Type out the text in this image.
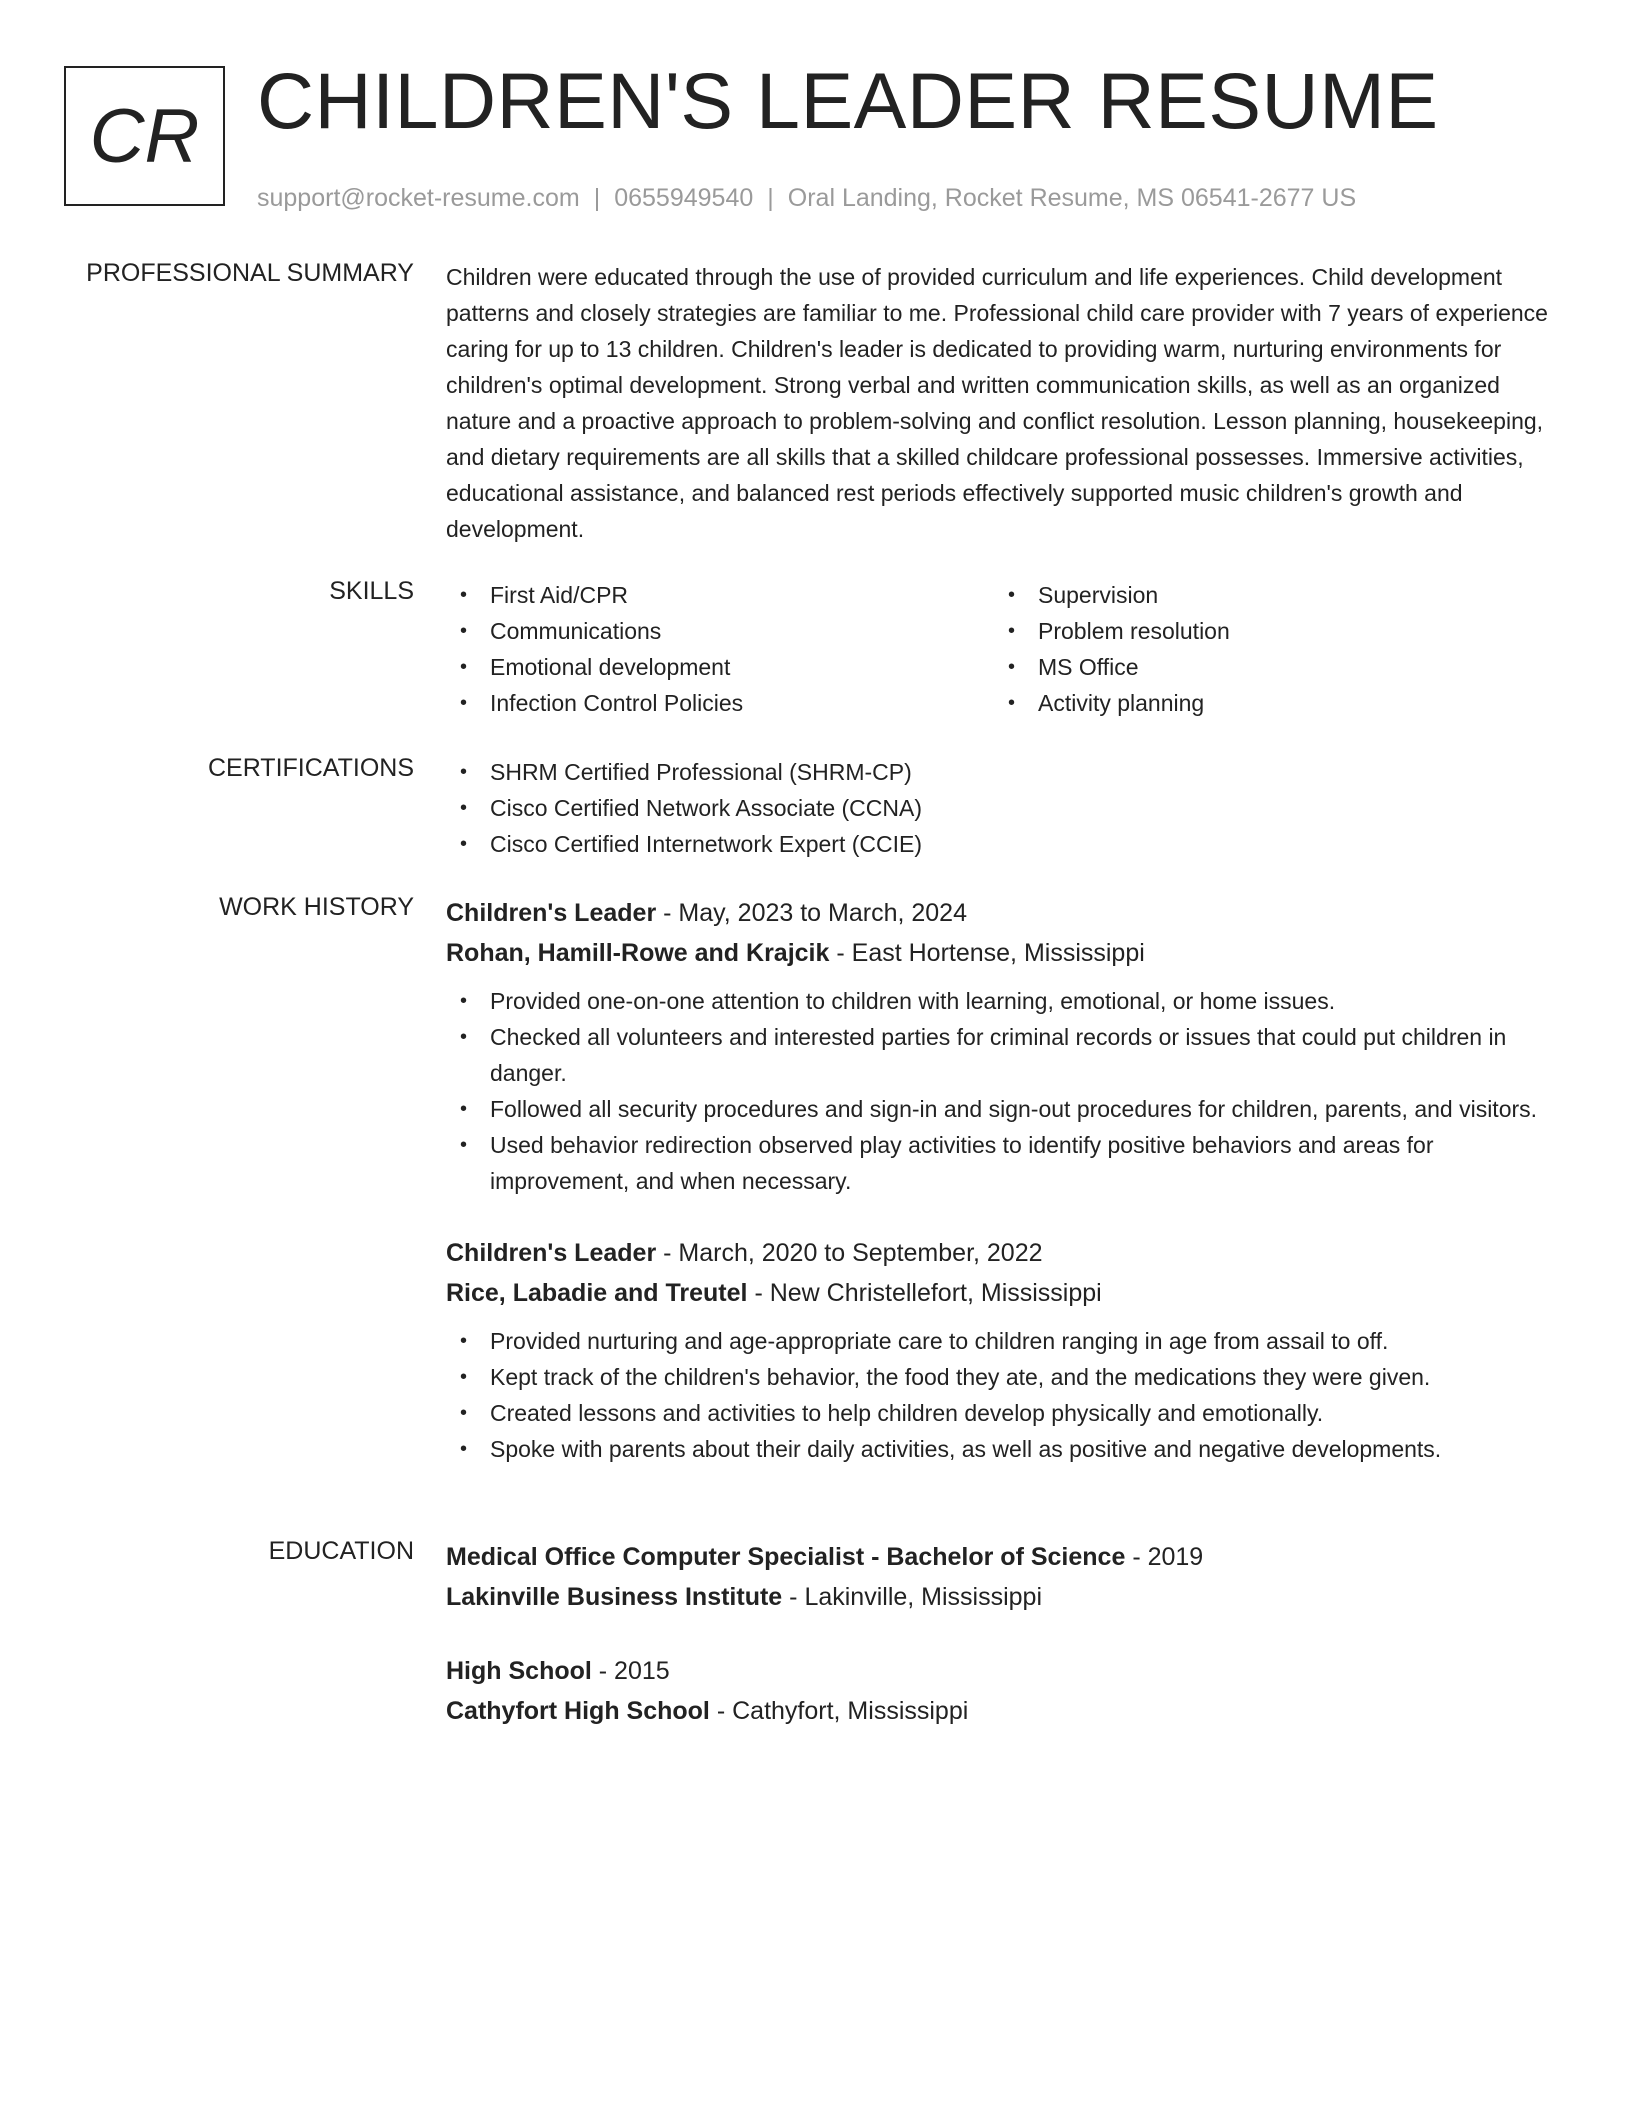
CR CHILDREN'S LEADER RESUME
support@rocket-resume.com | 0655949540 | Oral Landing, Rocket Resume, MS 06541-2677 US
PROFESSIONAL SUMMARY Children were educated through the use of provided curriculum and life experiences. Child development patterns and closely strategies are familiar to me. Professional child care provider with 7 years of experience caring for up to 13 children. Children's leader is dedicated to providing warm, nurturing environments for children's optimal development. Strong verbal and written communication skills, as well as an organized nature and a proactive approach to problem-solving and conflict resolution. Lesson planning, housekeeping, and dietary requirements are all skills that a skilled childcare professional possesses. Immersive activities, educational assistance, and balanced rest periods effectively supported music children's growth and development.

SKILLS	• First Aid/CPR
• Communications
• Emotional development
• Infection Control Policies
• Supervision
• Problem resolution
• MS Office
• Activity planning
CERTIFICATIONS	• SHRM Certified Professional (SHRM-CP)
• Cisco Certified Network Associate (CCNA)
• Cisco Certified Internetwork Expert (CCIE)
WORK HISTORY Children's Leader - May, 2023 to March, 2024
Rohan, Hamill-Rowe and Krajcik - East Hortense, Mississippi
• Provided one-on-one attention to children with learning, emotional, or home issues.
• Checked all volunteers and interested parties for criminal records or issues that could put children in danger.
• Followed all security procedures and sign-in and sign-out procedures for children, parents, and visitors.
• Used behavior redirection observed play activities to identify positive behaviors and areas for improvement, and when necessary.
Children's Leader - March, 2020 to September, 2022
Rice, Labadie and Treutel - New Christellefort, Mississippi
• Provided nurturing and age-appropriate care to children ranging in age from assail to off.
• Kept track of the children's behavior, the food they ate, and the medications they were given.
• Created lessons and activities to help children develop physically and emotionally.
• Spoke with parents about their daily activities, as well as positive and negative developments.
EDUCATION Medical Office Computer Specialist - Bachelor of Science - 2019
Lakinville Business Institute - Lakinville, Mississippi
High School - 2015
Cathyfort High School - Cathyfort, Mississippi
